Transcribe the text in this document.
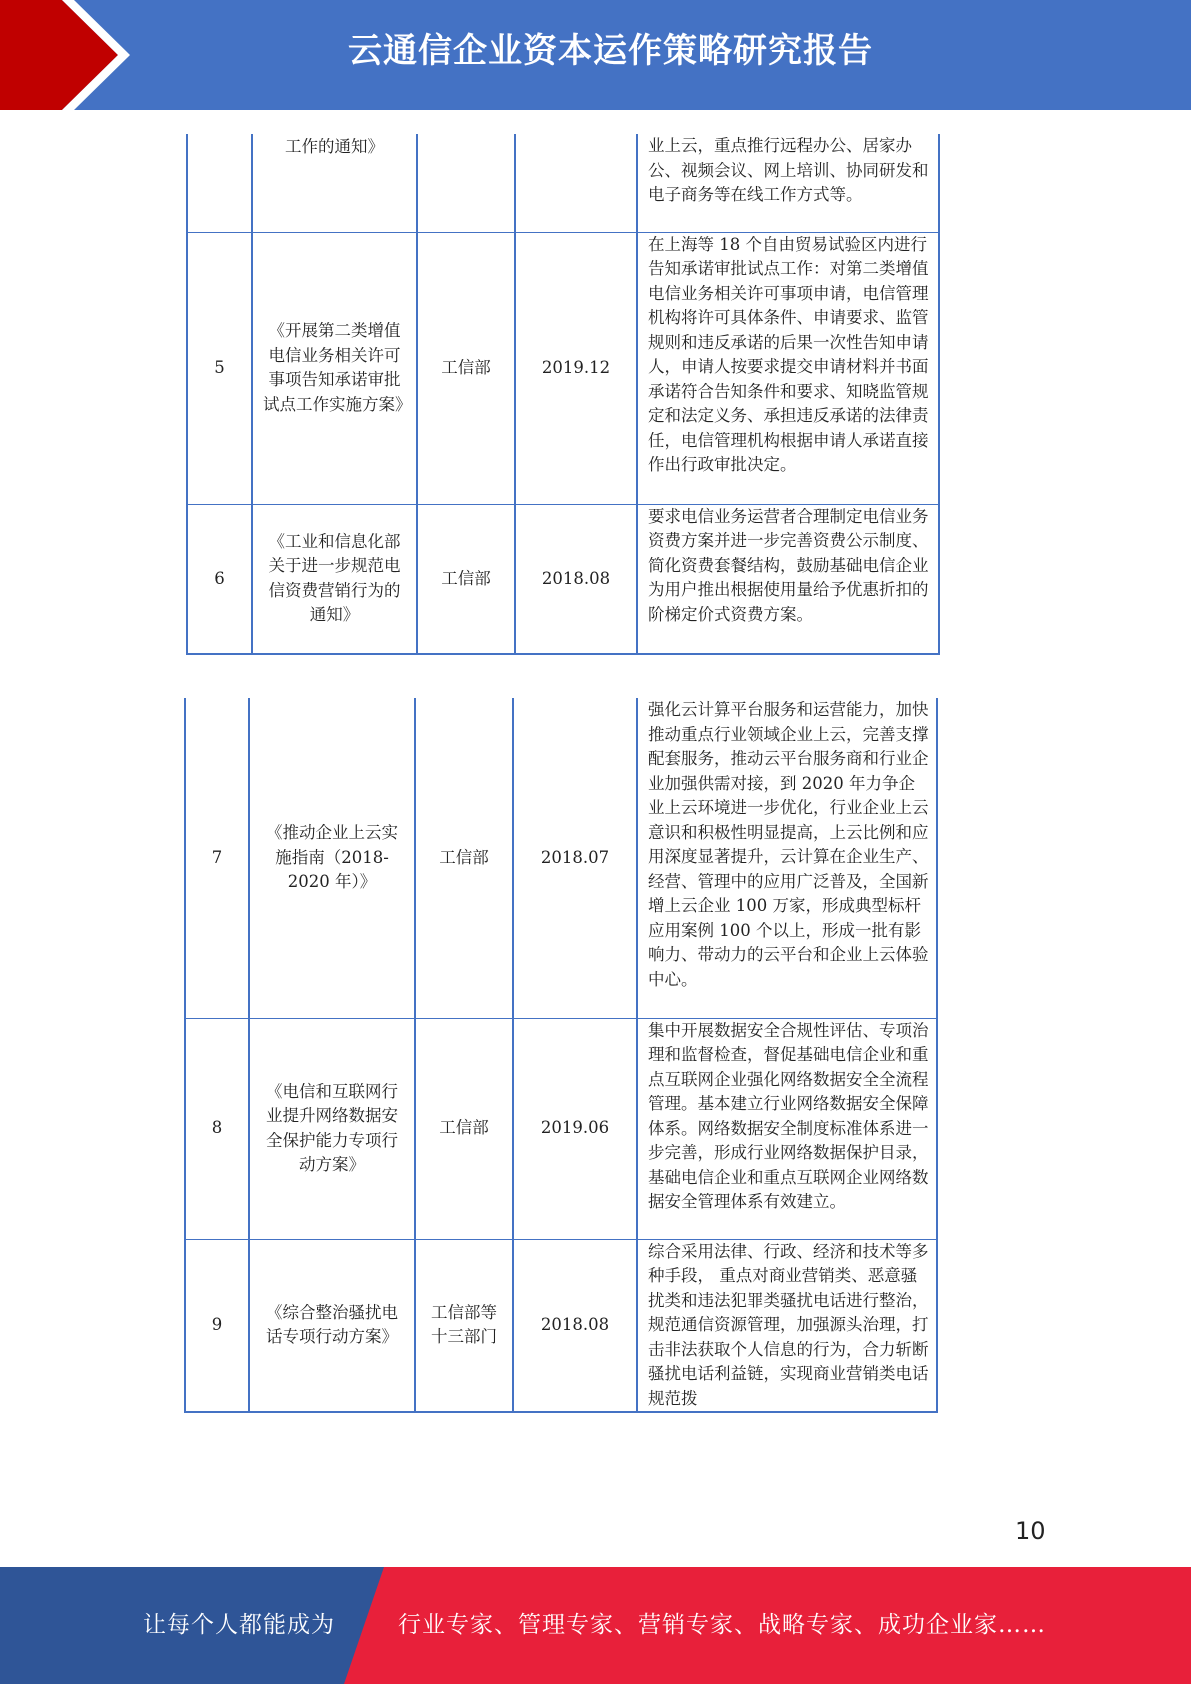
云通信企业资本运作策略研究报告
	工作的通知》			业上云，重点推行远程办公、居家办公、视频会议、网上培训、协同研发和电子商务等在线工作方式等。
5	《开展第二类增值电信业务相关许可事项告知承诺审批试点工作实施方案》	工信部	2019.12	在上海等 18 个自由贸易试验区内进行告知承诺审批试点工作：对第二类增值电信业务相关许可事项申请，电信管理机构将许可具体条件、申请要求、监管规则和违反承诺的后果一次性告知申请人，申请人按要求提交申请材料并书面承诺符合告知条件和要求、知晓监管规定和法定义务、承担违反承诺的法律责任，电信管理机构根据申请人承诺直接作出行政审批决定。
6	《工业和信息化部关于进一步规范电信资费营销行为的通知》	工信部	2018.08	要求电信业务运营者合理制定电信业务资费方案并进一步完善资费公示制度、简化资费套餐结构，鼓励基础电信企业为用户推出根据使用量给予优惠折扣的阶梯定价式资费方案。
7	《推动企业上云实施指南（2018-2020 年）》	工信部	2018.07	强化云计算平台服务和运营能力，加快推动重点行业领域企业上云，完善支撑配套服务，推动云平台服务商和行业企业加强供需对接，到 2020 年力争企业上云环境进一步优化，行业企业上云意识和积极性明显提高，上云比例和应用深度显著提升，云计算在企业生产、经营、管理中的应用广泛普及，全国新增上云企业 100 万家，形成典型标杆应用案例 100 个以上，形成一批有影响力、带动力的云平台和企业上云体验中心。
8	《电信和互联网行业提升网络数据安全保护能力专项行动方案》	工信部	2019.06	集中开展数据安全合规性评估、专项治理和监督检查，督促基础电信企业和重点互联网企业强化网络数据安全全流程管理。基本建立行业网络数据安全保障体系。网络数据安全制度标准体系进一步完善，形成行业网络数据保护目录，基础电信企业和重点互联网企业网络数据安全管理体系有效建立。
9	《综合整治骚扰电话专项行动方案》	工信部等十三部门	2018.08	综合采用法律、行政、经济和技术等多种手段， 重点对商业营销类、恶意骚扰类和违法犯罪类骚扰电话进行整治，规范通信资源管理，加强源头治理，打击非法获取个人信息的行为，合力斩断骚扰电话利益链，实现商业营销类电话规范拨
10
让每个人都能成为	行业专家、管理专家、营销专家、战略专家、成功企业家……
